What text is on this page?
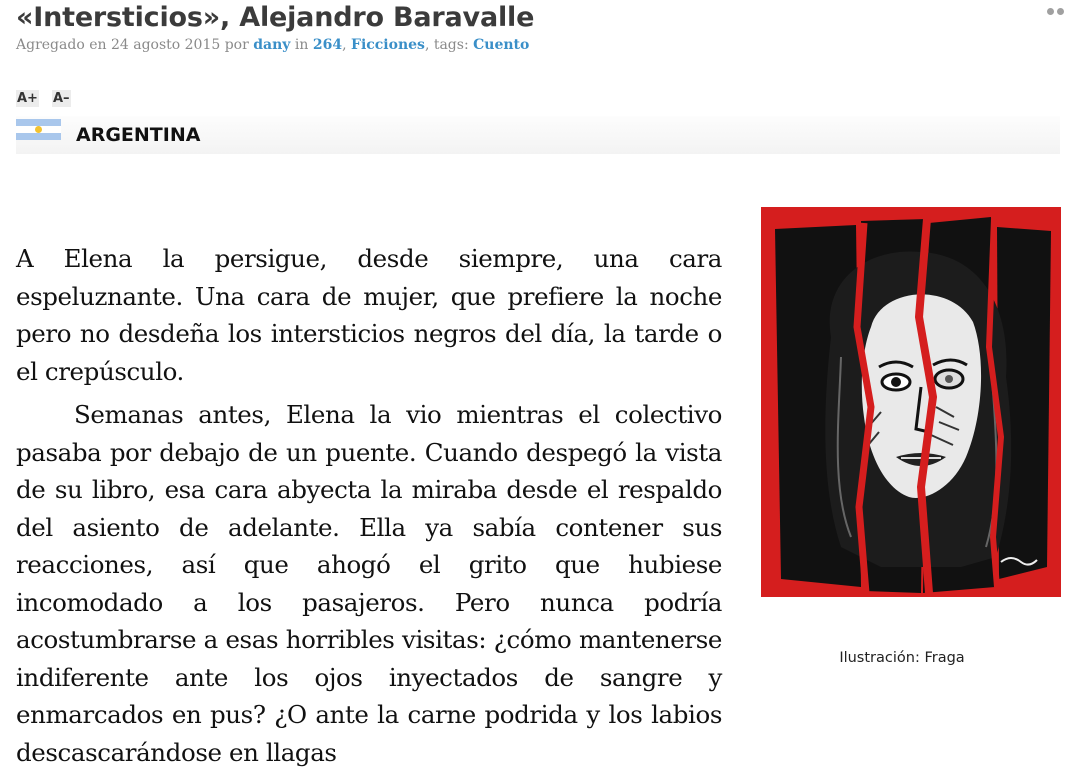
«Intersticios», Alejandro Baravalle
Agregado en 24 agosto 2015 por dany in 264, Ficciones, tags: Cuento
A+ A–
ARGENTINA

A Elena la persigue, desde siempre, una cara espeluznante. Una cara de mujer, que prefiere la noche pero no desdeña los intersticios negros del día, la tarde o el crepúsculo.

Semanas antes, Elena la vio mientras el colectivo pasaba por debajo de un puente. Cuando despegó la vista de su libro, esa cara abyecta la miraba desde el respaldo del asiento de adelante. Ella ya sabía contener sus reacciones, así que ahogó el grito que hubiese incomodado a los pasajeros. Pero nunca podría acostumbrarse a esas horribles visitas: ¿cómo mantenerse indiferente ante los ojos inyectados de sangre y enmarcados en pus? ¿O ante la carne podrida y los labios descascarándose en llagas

Ilustración: Fraga
